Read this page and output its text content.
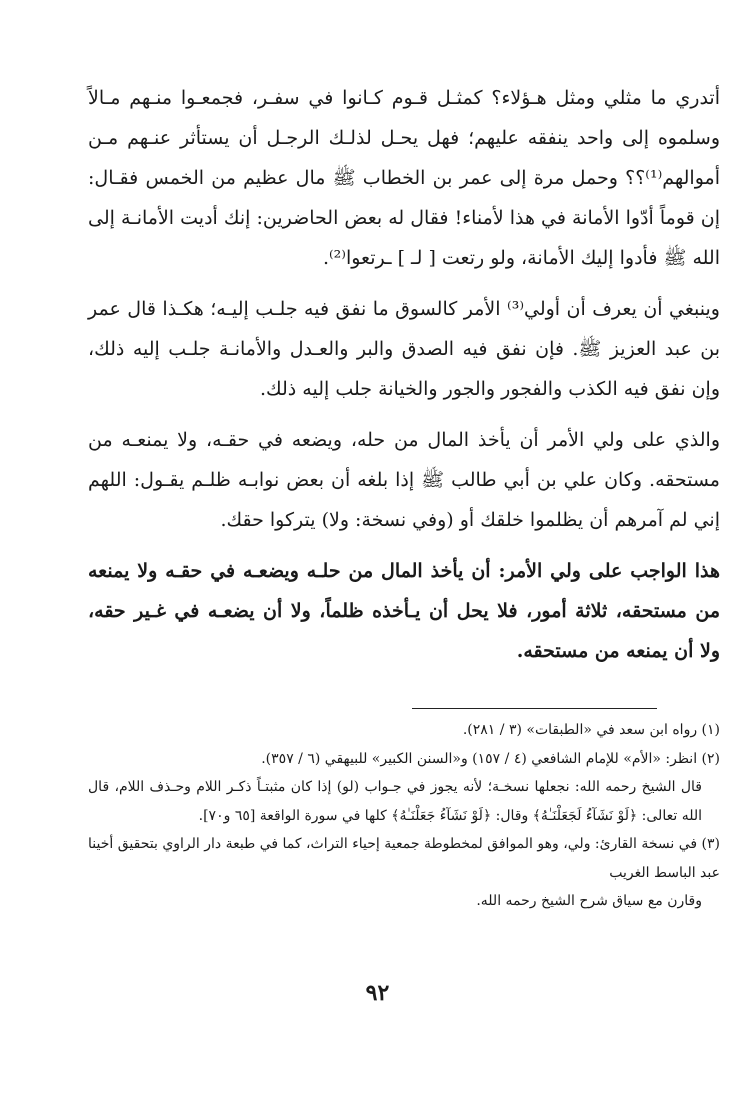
أتدري ما مثلي ومثل هـؤلاء؟ كمثـل قـوم كـانوا في سفـر، فجمعـوا منـهم مـالاً وسلموه إلى واحد ينفقه عليهم؛ فهل يحـل لذلـك الرجـل أن يستأثر عنـهم مـن أموالهم⁽¹⁾؟؟ وحمل مرة إلى عمر بن الخطاب ﷺ مال عظيم من الخمس فقـال: إن قوماً أدّوا الأمانة في هذا لأمناء! فقال له بعض الحاضرين: إنك أديت الأمانـة إلى الله ﷺ فأدوا إليك الأمانة، ولو رتعت [ لـ ] ـرتعوا⁽²⁾.

وينبغي أن يعرف أن أولي⁽³⁾ الأمر كالسوق ما نفق فيه جلـب إليـه؛ هكـذا قال عمر بن عبد العزيز ﷺ. فإن نفق فيه الصدق والبر والعـدل والأمانـة جلـب إليه ذلك، وإن نفق فيه الكذب والفجور والجور والخيانة جلب إليه ذلك.

والذي على ولي الأمر أن يأخذ المال من حله، ويضعه في حقـه، ولا يمنعـه من مستحقه. وكان علي بن أبي طالب ﷺ إذا بلغه أن بعض نوابـه ظلـم يقـول: اللهم إني لم آمرهم أن يظلموا خلقك أو (وفي نسخة: ولا) يتركوا حقك.

هذا الواجب على ولي الأمر: أن يأخذ المال من حلـه ويضعـه في حقـه ولا يمنعه من مستحقه، ثلاثة أمور، فلا يحل أن يـأخذه ظلماً، ولا أن يضعـه في غـير حقه، ولا أن يمنعه من مستحقه.

(١) رواه ابن سعد في «الطبقات» (٣ / ٢٨١).

(٢) انظر: «الأم» للإمام الشافعي (٤ / ١٥٧) و«السنن الكبير» للبيهقي (٦ / ٣٥٧).

قال الشيخ رحمه الله: نجعلها نسخـة؛ لأنه يجوز في جـواب (لو) إذا كان مثبتـاً ذكـر اللام وحـذف اللام، قال الله تعالى: ﴿لَوْ نَشَآءُ لَجَعَلْنَـٰهُ﴾ وقال: ﴿لَوْ نَشَآءُ جَعَلْنَـٰهُ﴾ كلها في سورة الواقعة [٦٥ و٧٠].

(٣) في نسخة القارئ: ولي، وهو الموافق لمخطوطة جمعية إحياء التراث، كما في طبعة دار الراوي بتحقيق أخينا عبد الباسط الغريب

وقارن مع سياق شرح الشيخ رحمه الله.

٩٢
